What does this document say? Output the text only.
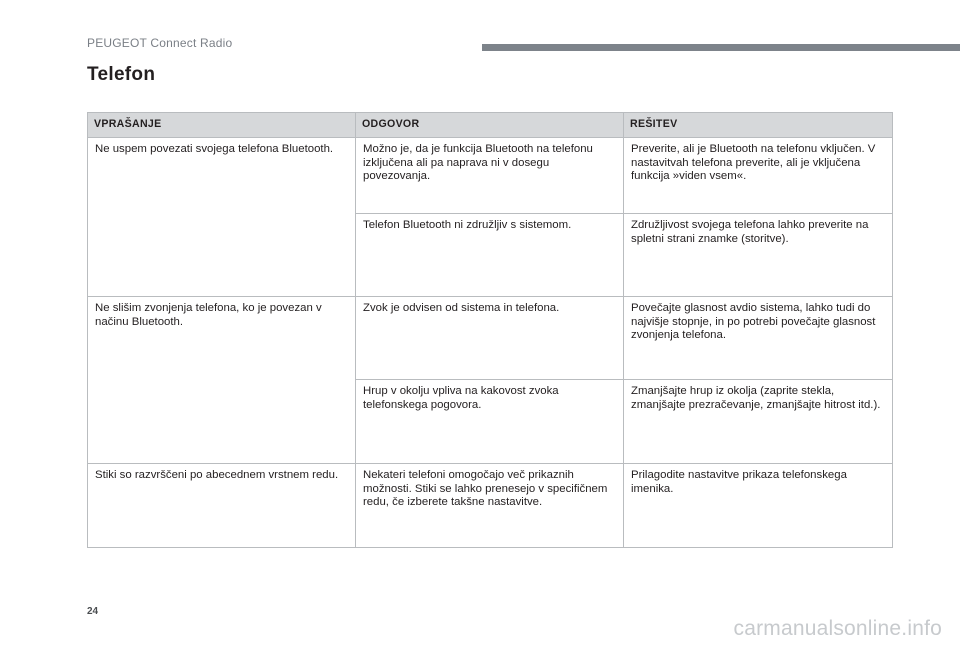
PEUGEOT Connect Radio
Telefon
VPRAŠANJE	ODGOVOR	REŠITEV
Ne uspem povezati svojega telefona Bluetooth.	Možno je, da je funkcija Bluetooth na telefonu izključena ali pa naprava ni v dosegu povezovanja.	Preverite, ali je Bluetooth na telefonu vključen. V nastavitvah telefona preverite, ali je vključena funkcija »viden vsem«.
	Telefon Bluetooth ni združljiv s sistemom.	Združljivost svojega telefona lahko preverite na spletni strani znamke (storitve).
Ne slišim zvonjenja telefona, ko je povezan v načinu Bluetooth.	Zvok je odvisen od sistema in telefona.	Povečajte glasnost avdio sistema, lahko tudi do najvišje stopnje, in po potrebi povečajte glasnost zvonjenja telefona.
	Hrup v okolju vpliva na kakovost zvoka telefonskega pogovora.	Zmanjšajte hrup iz okolja (zaprite stekla, zmanjšajte prezračevanje, zmanjšajte hitrost itd.).
Stiki so razvrščeni po abecednem vrstnem redu.	Nekateri telefoni omogočajo več prikaznih možnosti. Stiki se lahko prenesejo v specifičnem redu, če izberete takšne nastavitve.	Prilagodite nastavitve prikaza telefonskega imenika.
24
carmanualsonline.info
